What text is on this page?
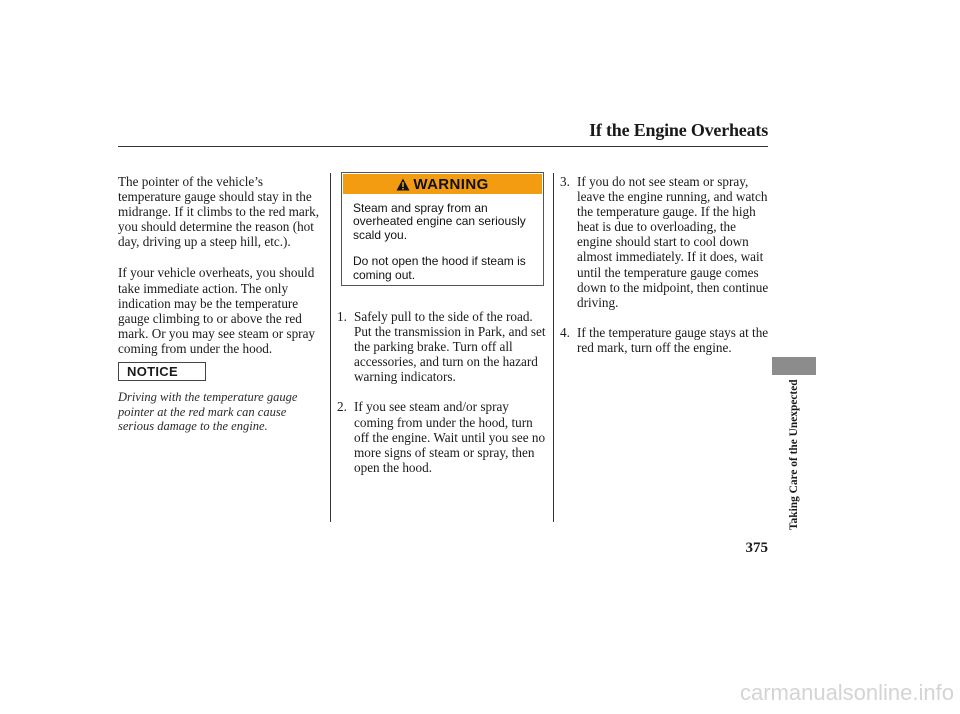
If the Engine Overheats

The pointer of the vehicle’s temperature gauge should stay in the midrange. If it climbs to the red mark, you should determine the reason (hot day, driving up a steep hill, etc.).

If your vehicle overheats, you should take immediate action. The only indication may be the temperature gauge climbing to or above the red mark. Or you may see steam or spray coming from under the hood.

NOTICE
Driving with the temperature gauge pointer at the red mark can cause serious damage to the engine.
WARNING
Steam and spray from an overheated engine can seriously scald you.
Do not open the hood if steam is coming out.
1. Safely pull to the side of the road. Put the transmission in Park, and set the parking brake. Turn off all accessories, and turn on the hazard warning indicators.
2. If you see steam and/or spray coming from under the hood, turn off the engine. Wait until you see no more signs of steam or spray, then open the hood.
3. If you do not see steam or spray, leave the engine running, and watch the temperature gauge. If the high heat is due to overloading, the engine should start to cool down almost immediately. If it does, wait until the temperature gauge comes down to the midpoint, then continue driving.
4. If the temperature gauge stays at the red mark, turn off the engine.
Taking Care of the Unexpected
375
carmanualsonline.info
